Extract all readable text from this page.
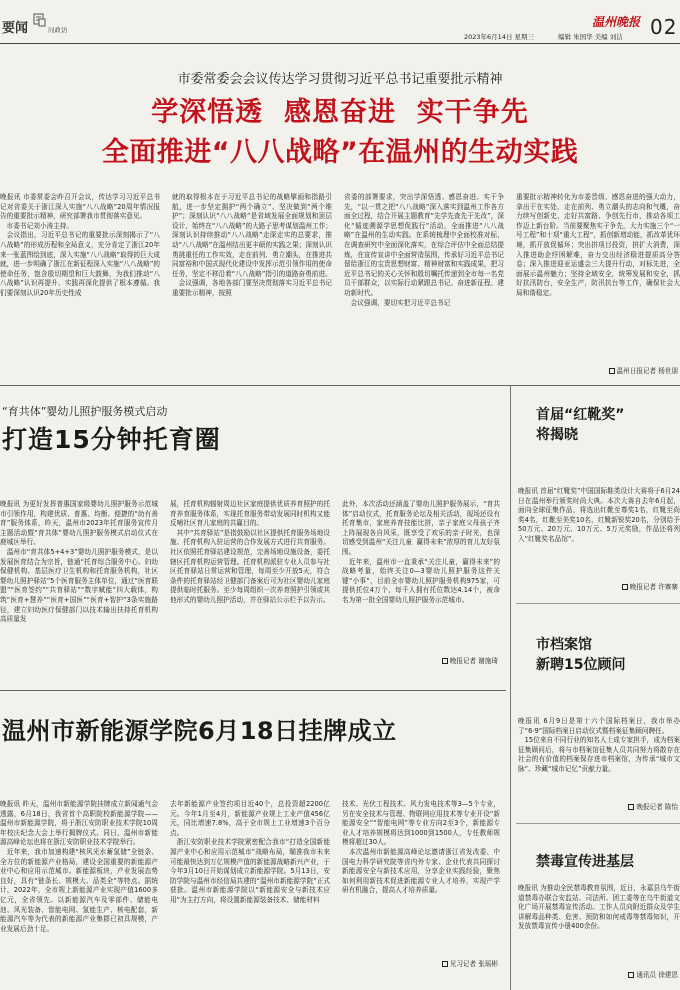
要闻	问政访
2023年6月14日 星期三	编辑 朱国华 美编 刘洁
温州晚报 02
市委常委会会议传达学习贯彻习近平总书记重要批示精神
学深悟透  感恩奋进  实干争先
全面推进“八八战略”在温州的生动实践
晚报讯 市委常委会昨召开会议，传达学习习近平总书记对省委关于浙江深入实施“八八战略”20周年情况报告的重要批示精神，研究部署我市贯彻落实意见。
　市委书记刘小涛主持。
　会议指出，习近平总书记的重要批示深刻揭示了“八八战略”的形成历程和全局意义，充分肯定了浙江20年来一张蓝图绘到底，深入实施“八八战略”取得的巨大成就，进一步明确了浙江在新征程深入实施“八八战略”的使命任务，饱含殷切期望和巨大鼓舞，为我们推动“八八战略”认识再提升、实践再深化提供了根本遵循。我们要深刻认识20年历史性成
就的取得根本在于习近平总书记的战略擘画和指路引航，进一步坚定拥护“两个确立”、坚决做到“两个维护”；深刻认识“八八战略”是省域发展全面规划和顶层设计，始终在“八八战略”的大路子思考谋划温州工作；深刻认识持续推动“八八战略”走深走实的总要求，推动“八八战略”在温州结出更丰硕的实践之果；深刻认识勇挑重任的工作实效，走在前列、勇立潮头，在推进共同富裕和中国式现代化建设中发挥示范引领作用的使命任务，坚定不移沿着“八八战略”指引的道路奋勇前进。
　会议强调，各地各部门要坚决贯彻落实习近平总书记重要批示精神，按照
省委的部署要求，突出学深悟透、感恩奋进、实干争先，“以一贯之把“八八战略”深入落实到温州工作各方面全过程，结合开展主题教育“先学先查先干先改”，深化“循迹溯源学思想促践行”活动，全面推进“八八战略”在温州的生动实践。在系统梳理中全面校准对标，在调查研究中全面深化落实，在综合评估中全面总结提炼，在宣传宣讲中全面营造氛围，传承好习近平总书记留给浙江的宝贵思想财富、精神财富和实践成果，把习近平总书记的关心关怀和殷切嘱托传递到全市每一名党员干部群众，以实际行动紧跟总书记、奋进新征程、建功新时代。
　会议强调，要切实把习近平总书记
重要批示精神转化为市委晋级、感恩奋进的强大动力，拿出干在实处、走在前列、勇立潮头的志向和气概，奋力续写创新史、走好共富路、争创先行市，推动各项工作迈上新台阶。当前要聚焦实干争先，大力实施三个“一号工程”和十项“重大工程”，抓创新增动能，抓改革优环境，抓开放促循环；突出拼项目投资，拼扩大消费，深入推进助企纾困解难，奋力交出经济稳进提质高分答卷；深入推进迎亚运盛会三大提升行动，对标先进，全面展示温州魅力；坚持全域安全，统筹发展和安全，抓好抗汛防台，安全生产，防汛抗台等工作，确保社会大局和谐稳定。
温州日报记者 杨世朋
“育共体”婴幼儿照护服务模式启动
打造15分钟托育圈
晚报讯 为更好发挥普惠国家级婴幼儿照护服务示范城市引领作用，构建优质、普惠、均衡、便捷的“幼有善育”服务体系，昨天，温州市2023年托育服务宣传月主题活动暨“育共体”婴幼儿照护服务模式启动仪式在鹿城区举行。
　温州市“育共体5+4+3”婴幼儿照护服务模式，是以发展医育结合为宗旨，链通“托育综合服务中心、妇幼保健机构、基层医疗卫生机构和托育服务机构，社区婴幼儿照护驿站”5个医育服务主体单位，通过“医育联盟”“医育签约”“共育驿站”“数字赋能”四大载体，构筑“医育+慧养”“医育+国医”“医育+智护”3条实施路径，建立妇幼医疗保健部门以技术输出扶持托育机构高质量发
展，托育机构辐射周边社区家庭提供优质养育照护的托育养育服务体系，实现托育服务带动发展同时机构又能反哺社区育儿家庭的共赢目的。
　其中“共育驿站”是指鼓励以社区提供托育服务场地设施、托育机构入驻运营的合作发展方式进行共育服务。社区依照托育驿站建设规范，完善场地设施设备，委托辖区托育机构运营管理。托育机构派驻专业人员参与社区托育驿站日常运营和管理，每周至少开放5天，符合条件的托育驿站经卫健部门备案后可为社区婴幼儿家庭提供临时托服务。至少每周组织一次养育照护引领或其他形式的婴幼儿照护活动，并在驿站公示栏予以告示。
此外，本次活动还涵盖了婴幼儿照护服务展示，“育共体”启动仪式，托育服务论坛及相关活动，现场还设有托育集市，家庭养育技能比拼，亲子家庭父母孩子齐上阵展现各自风采，既享受了欢乐的亲子时光，也深切感受到温州“关注儿童  赢得未来”浓厚的育儿友好氛围。
　近年来，温州市一直秉承“关注儿童，赢得未来”的战略考量，始终关注0—3婴幼儿照护服务这件关键“小事”，目前全市婴幼儿照护服务机构975家，可提供托位4万个，每千人拥有托位数达4.14个，被命名为第一批全国婴幼儿照护服务示范城市。
晚报记者 谢施琦
温州市新能源学院6月18日挂牌成立
晚报讯 昨天，温州市新能源学院挂牌成立新闻通气会透露，6月18日，我省首个高职院校新能源学院——温州市新能源学院，将于浙江安防职业技术学院10周年校庆纪念大会上举行揭牌仪式。同日，温州市新能源高峰论坛也将在浙江安防职业技术学院举行。
　近年来，我市加速构建“核风光水蓄氢储”全链条、全方位的新能源产业格局，建设全国重要的新能源产业中心和应用示范城市。新能源板块，产业发展态势良好，具有“链条长、规模大、品类全”等特点。据统计，2022年，全市规上新能源产业实现产值1600多亿元，全省领先。以新能源汽车及零部件、储能电池、风光装备、智能电网、氢能生产、核电配套，新能源汽车等为代表的新能源产业集群已初具规模，产业发展后劲十足。
去年新能源产业签约项目近40个，总投资超2200亿元。今年1月至4月，新能源产业规上工业产值456亿元，同比增速7.8%，高于全市规上工业增速3个百分点。
　浙江安防职业技术学院紧密配合我市“打造全国新能源产业中心和应用示范城市”战略布局，瞄准我市未来可能最快达到万亿规模产值的新能源战略新兴产业，于今年3月10日开始谋划成立新能源学院。5月13日，安防学院与温州市经信局共建的“温州市新能源学院”正式获批。温州市新能源学院以“新能源安全与新技术应用”为主打方向，将设置新能源装备技术、储能材料
技术、光伏工程技术、风力发电技术等3—5个专业，另在安全技术与管理、物联网应用技术等专业开设“新能源安全”“智能电网”等专业方向2至3个，新能源专业人才培养规模将达到1000到1500人，专任教师规模将超过30人。
　本次温州市新能源高峰论坛邀请浙江省发改委、中国电力科学研究院等省内外专家、企业代表共同探讨新能源安全与新技术应用，分享企业实践经验，聚焦如何利用新技术促进新能源专业人才培养，实现产学研有机融合，提高人才培养质量。
见习记者 张瑶彬
首届“红靴奖”
将揭晓
晚报讯 首届“红靴奖”中国国际鞋类设计大赛将于6月24日在温州举行颁奖时尚大典。本次大赛自去年6月起，面向全球征集作品，将选出红靴至尊奖1名，红靴至尚奖4名，红靴至美奖10名，红靴新锐奖20名，分别给予50万元、20万元、10万元、5万元奖励，作品还将列入“红靴奖名品馆”。
晚报记者 许寨寨
市档案馆
新聘15位顾问
晚报讯 6月9日是第十六个国际档案日，我市举办了“6·9”国际档案日启动仪式暨档案征集顾问聘任。
　15位来自不同行业的知名人士成专家担手，成为档案征集顾问后，将与市档案馆征集人员共同努力将散存在社会的有价值的档案保存进市档案馆，为传承“城市文脉”、珍藏“城市记忆”贡献力量。
晚报记者 陈怡
禁毒宣传进基层
晚报讯 为推动全民禁毒教育氛围，近日，永嘉县乌牛街道禁毒办联合安监站、司法所、团工委等在乌牛街道文化广场开展禁毒宣传活动。工作人员向附近群众及学生讲解毒品种类、危害、预防和如何戒毒等禁毒知识，开发放禁毒宣传小册400余份。
通讯员 徐建恩
